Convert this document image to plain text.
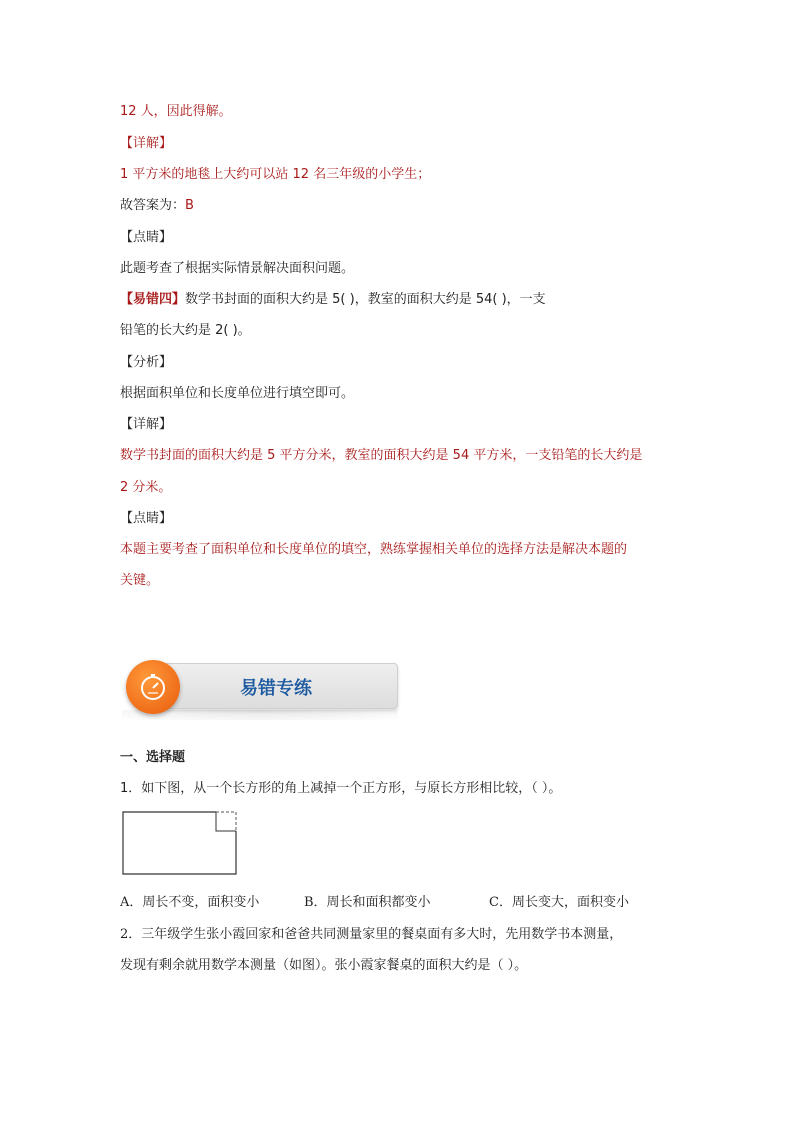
12 人，因此得解。
【详解】
1 平方米的地毯上大约可以站 12 名三年级的小学生；
故答案为：B
【点睛】
此题考查了根据实际情景解决面积问题。
【易错四】数学书封面的面积大约是 5( )，教室的面积大约是 54( )，一支
铅笔的长大约是 2( )。
【分析】
根据面积单位和长度单位进行填空即可。
【详解】
数学书封面的面积大约是 5 平方分米，教室的面积大约是 54 平方米，一支铅笔的长大约是
2 分米。
【点睛】
本题主要考查了面积单位和长度单位的填空，熟练掌握相关单位的选择方法是解决本题的
关键。
易错专练
一、选择题
1．如下图，从一个长方形的角上减掉一个正方形，与原长方形相比较，（ ）。
A．周长不变，面积变小	B．周长和面积都变小	C．周长变大，面积变小
2．三年级学生张小霞回家和爸爸共同测量家里的餐桌面有多大时，先用数学书本测量，
发现有剩余就用数学本测量（如图）。张小霞家餐桌的面积大约是（ ）。
